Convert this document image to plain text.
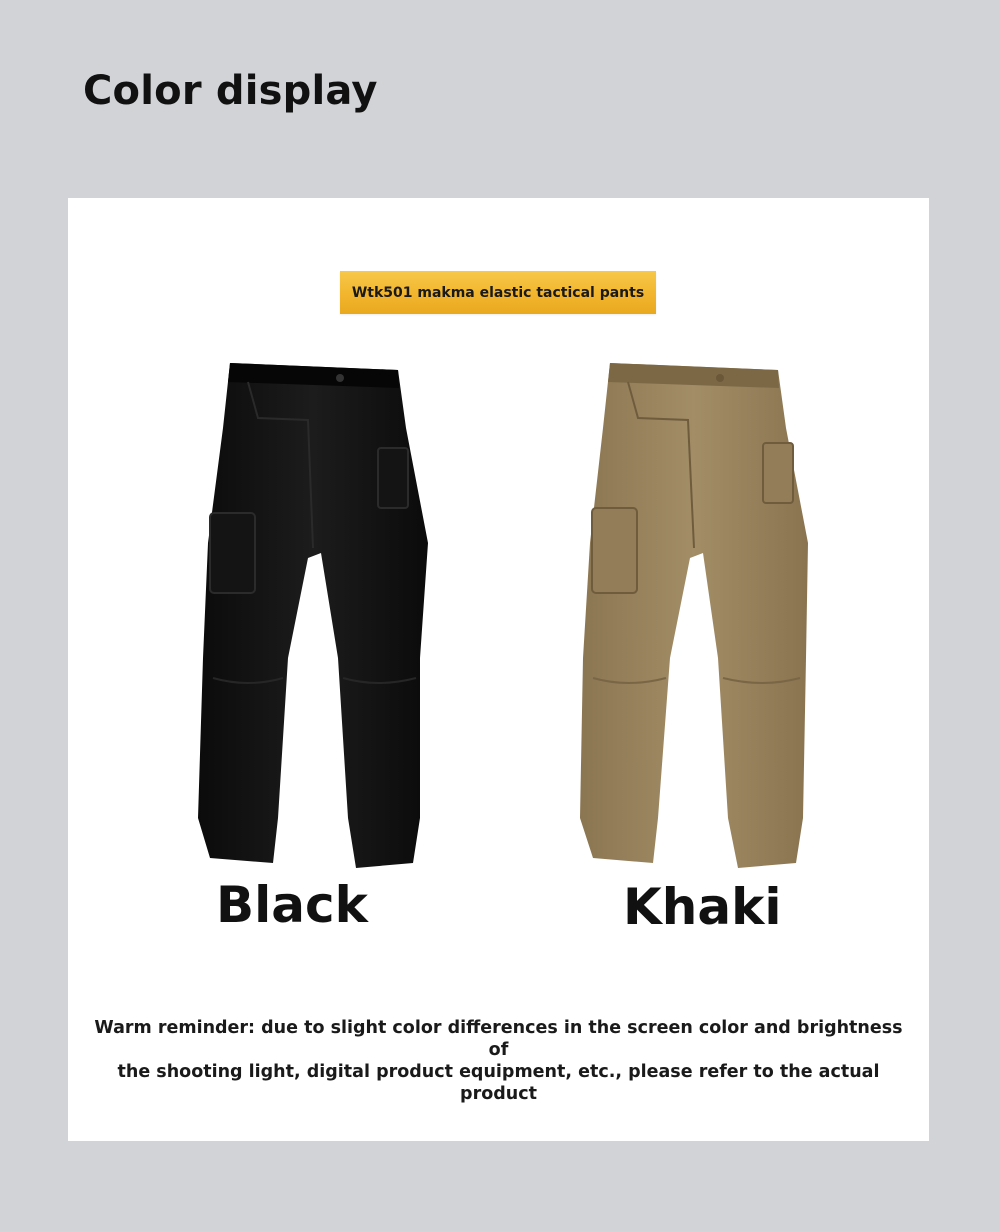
Color display
Wtk501 makma elastic tactical pants
Black	Khaki
Warm reminder: due to slight color differences in the screen color and brightness of
the shooting light, digital product equipment, etc., please refer to the actual product
